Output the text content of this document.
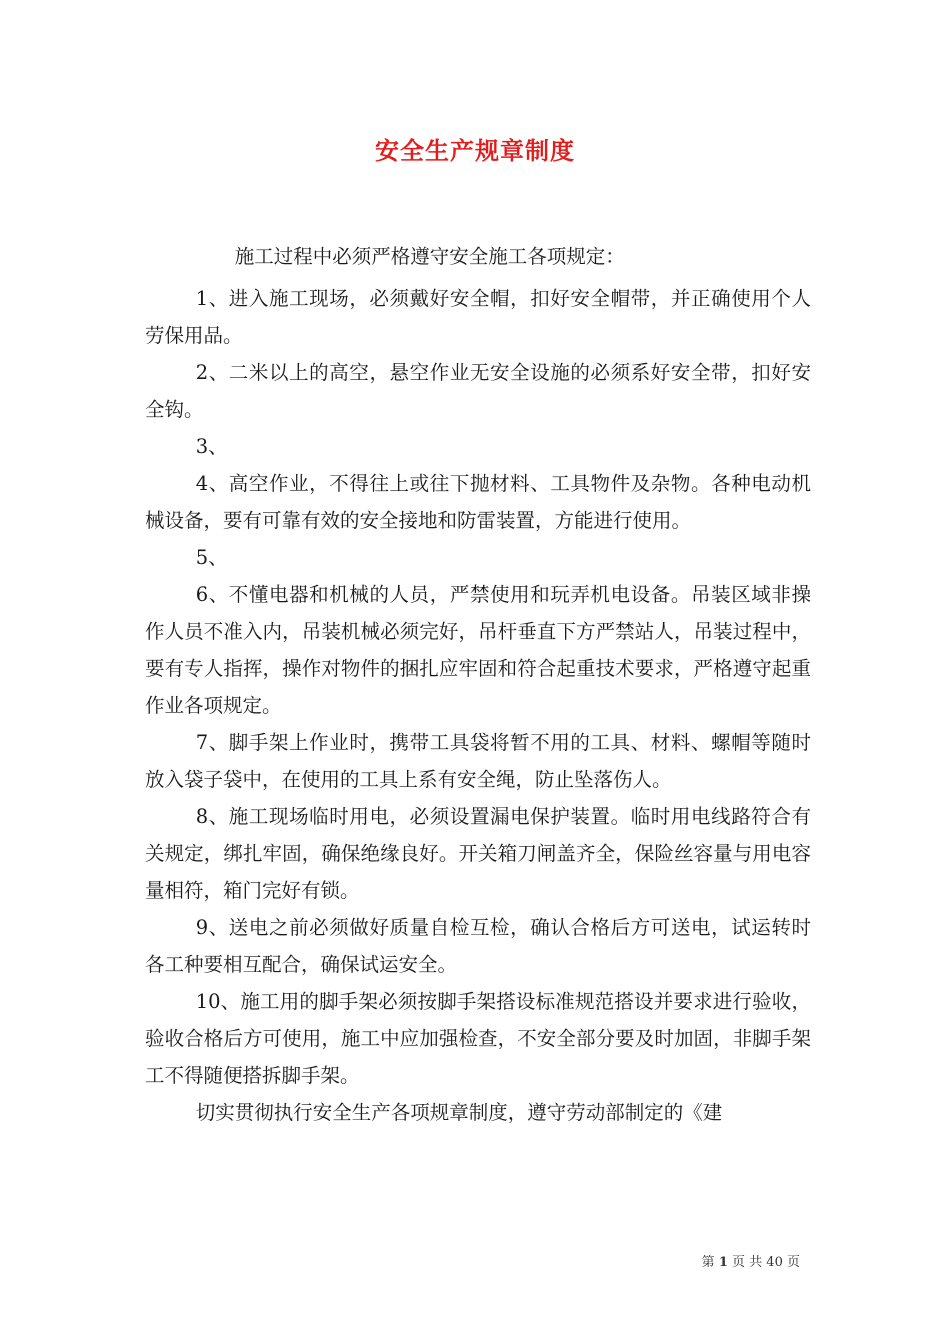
安全生产规章制度

施工过程中必须严格遵守安全施工各项规定：

1、进入施工现场，必须戴好安全帽，扣好安全帽带，并正确使用个人劳保用品。

2、二米以上的高空，悬空作业无安全设施的必须系好安全带，扣好安全钩。

3、

4、高空作业，不得往上或往下抛材料、工具物件及杂物。各种电动机械设备，要有可靠有效的安全接地和防雷装置，方能进行使用。

5、

6、不懂电器和机械的人员，严禁使用和玩弄机电设备。吊装区域非操作人员不准入内，吊装机械必须完好，吊杆垂直下方严禁站人，吊装过程中，要有专人指挥，操作对物件的捆扎应牢固和符合起重技术要求，严格遵守起重作业各项规定。

7、脚手架上作业时，携带工具袋将暂不用的工具、材料、螺帽等随时放入袋子袋中，在使用的工具上系有安全绳，防止坠落伤人。

8、施工现场临时用电，必须设置漏电保护装置。临时用电线路符合有关规定，绑扎牢固，确保绝缘良好。开关箱刀闸盖齐全，保险丝容量与用电容量相符，箱门完好有锁。

9、送电之前必须做好质量自检互检，确认合格后方可送电，试运转时各工种要相互配合，确保试运安全。

10、施工用的脚手架必须按脚手架搭设标准规范搭设并要求进行验收，验收合格后方可使用，施工中应加强检查，不安全部分要及时加固，非脚手架工不得随便搭拆脚手架。

切实贯彻执行安全生产各项规章制度，遵守劳动部制定的《建

第 1 页 共 40 页
